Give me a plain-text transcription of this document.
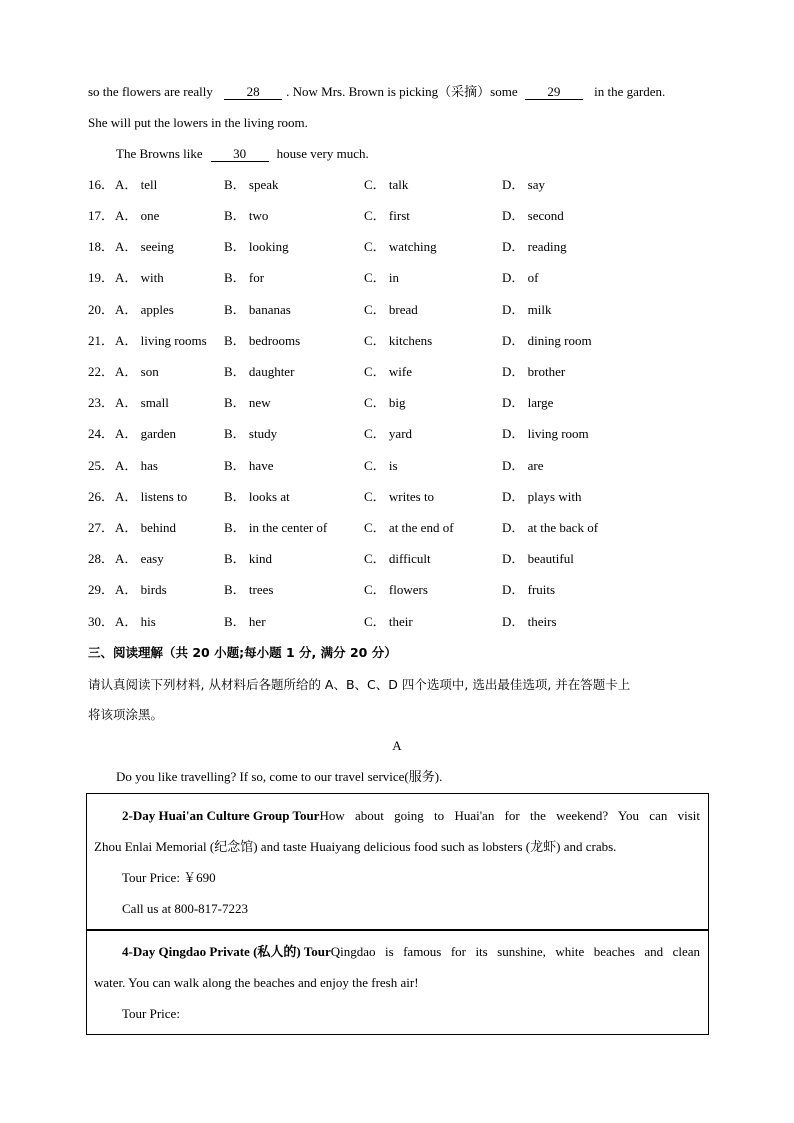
so the flowers are really	28 . Now Mrs. Brown is picking（采摘）some 29	in the garden.
She will put the lowers in the living room.
The Browns like 30 house very much.
16． A． tell	B． speak	C． talk	D． say
17． A． one	B． two	C． first	D． second
18． A． seeing	B． looking	C． watching	D． reading
19． A． with	B． for	C． in	D． of
20． A． apples	B． bananas	C． bread	D． milk
21． A． living rooms B． bedrooms	C． kitchens	D． dining room
22． A． son	B． daughter	C． wife	D． brother
23． A． small	B． new	C． big	D． large
24． A． garden	B． study	C． yard	D． living room
25． A． has	B． have	C． is	D． are
26． A． listens to	B． looks at	C． writes to	D． plays with
27． A． behind	B． in the center of	C． at the end of	D． at the back of
28． A． easy	B． kind	C． difficult	D． beautiful
29． A． birds	B． trees	C． flowers	D． fruits
30． A． his	B． her	C． their	D． theirs
三、阅读理解（共 20 小题;每小题 1 分, 满分 20 分）
请认真阅读下列材料, 从材料后各题所给的 A、B、C、D 四个选项中, 选出最佳选项, 并在答题卡上
将该项涂黑。
A
Do you like travelling? If so, come to our travel service(服务).
2-Day Huai'an Culture Group Tour How about going to Huai'an for the weekend? You can visit
Zhou Enlai Memorial (纪念馆) and taste Huaiyang delicious food such as lobsters (龙虾) and crabs.
Tour Price: ￥690
Call us at 800-817-7223
4-Day Qingdao Private (私人的) Tour Qingdao is famous for its sunshine, white beaches and clean
water. You can walk along the beaches and enjoy the fresh air!
Tour Price:
